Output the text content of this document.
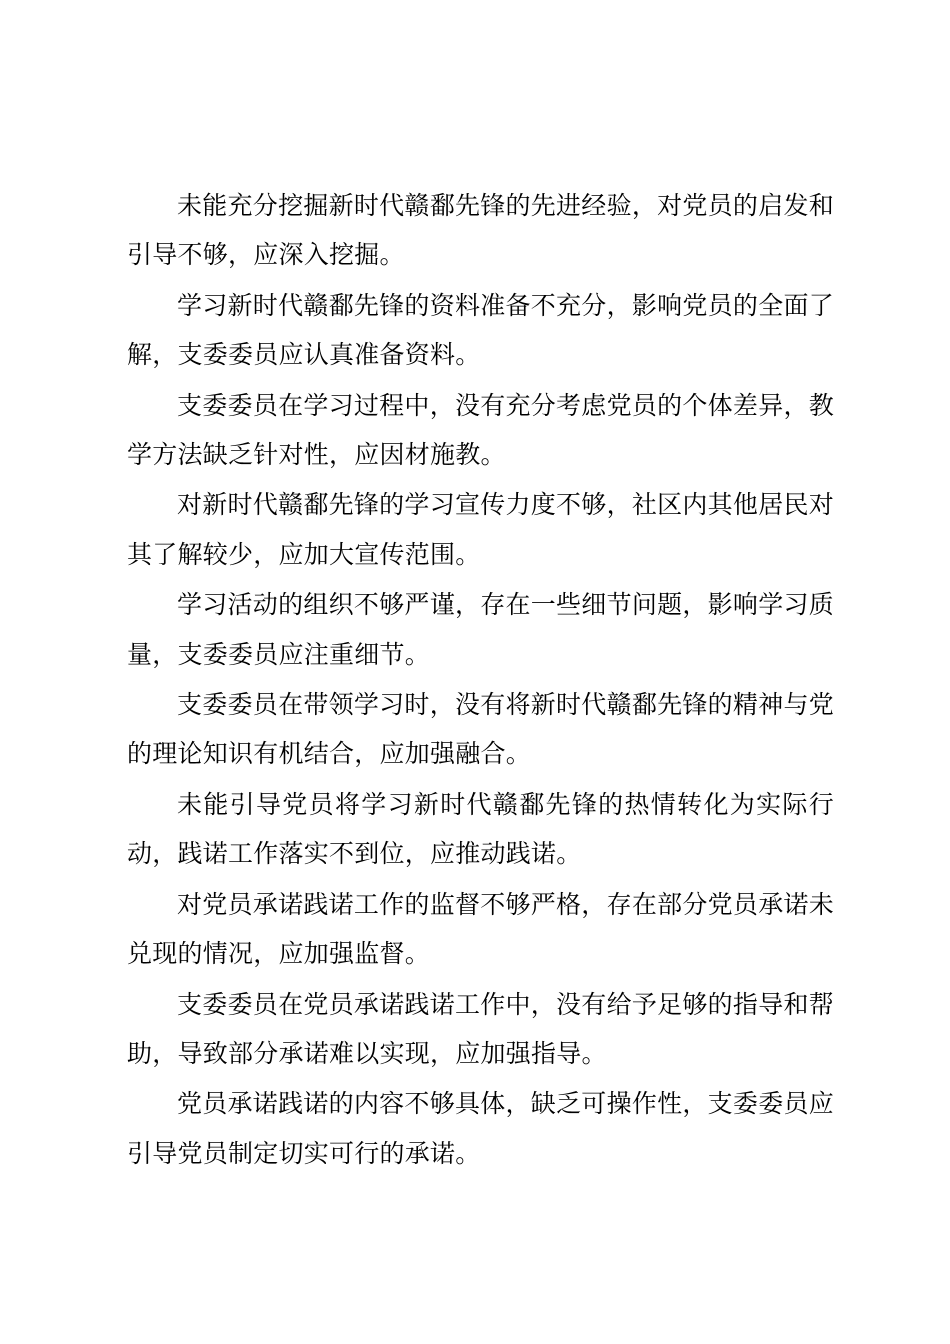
未能充分挖掘新时代赣鄱先锋的先进经验，对党员的启发和引导不够，应深入挖掘。

学习新时代赣鄱先锋的资料准备不充分，影响党员的全面了解，支委委员应认真准备资料。

支委委员在学习过程中，没有充分考虑党员的个体差异，教学方法缺乏针对性，应因材施教。

对新时代赣鄱先锋的学习宣传力度不够，社区内其他居民对其了解较少，应加大宣传范围。

学习活动的组织不够严谨，存在一些细节问题，影响学习质量，支委委员应注重细节。

支委委员在带领学习时，没有将新时代赣鄱先锋的精神与党的理论知识有机结合，应加强融合。

未能引导党员将学习新时代赣鄱先锋的热情转化为实际行动，践诺工作落实不到位，应推动践诺。

对党员承诺践诺工作的监督不够严格，存在部分党员承诺未兑现的情况，应加强监督。

支委委员在党员承诺践诺工作中，没有给予足够的指导和帮助，导致部分承诺难以实现，应加强指导。

党员承诺践诺的内容不够具体，缺乏可操作性，支委委员应引导党员制定切实可行的承诺。
